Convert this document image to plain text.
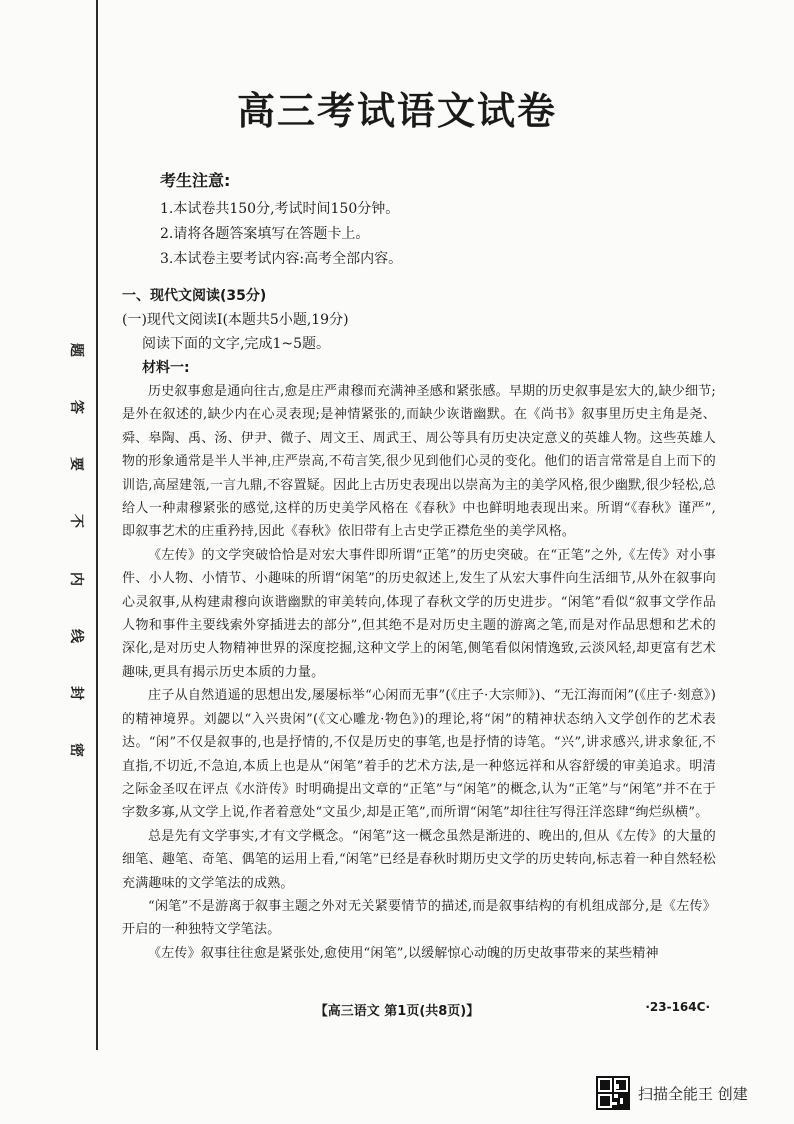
题
答
要
不
内
线
封
密
高三考试语文试卷
考生注意:
1.本试卷共150分,考试时间150分钟。
2.请将各题答案填写在答题卡上。
3.本试卷主要考试内容:高考全部内容。
一、现代文阅读(35分)
(一)现代文阅读Ⅰ(本题共5小题,19分)
阅读下面的文字,完成1~5题。
材料一:

历史叙事愈是通向往古,愈是庄严肃穆而充满神圣感和紧张感。早期的历史叙事是宏大的,缺少细节;是外在叙述的,缺少内在心灵表现;是神情紧张的,而缺少诙谐幽默。在《尚书》叙事里历史主角是尧、舜、皋陶、禹、汤、伊尹、微子、周文王、周武王、周公等具有历史决定意义的英雄人物。这些英雄人物的形象通常是半人半神,庄严崇高,不苟言笑,很少见到他们心灵的变化。他们的语言常常是自上而下的训诰,高屋建瓴,一言九鼎,不容置疑。因此上古历史表现出以崇高为主的美学风格,很少幽默,很少轻松,总给人一种肃穆紧张的感觉,这样的历史美学风格在《春秋》中也鲜明地表现出来。所谓“《春秋》谨严”,即叙事艺术的庄重矜持,因此《春秋》依旧带有上古史学正襟危坐的美学风格。

《左传》的文学突破恰恰是对宏大事件即所谓“正笔”的历史突破。在“正笔”之外,《左传》对小事件、小人物、小情节、小趣味的所谓“闲笔”的历史叙述上,发生了从宏大事件向生活细节,从外在叙事向心灵叙事,从构建肃穆向诙谐幽默的审美转向,体现了春秋文学的历史进步。“闲笔”看似“叙事文学作品人物和事件主要线索外穿插进去的部分”,但其绝不是对历史主题的游离之笔,而是对作品思想和艺术的深化,是对历史人物精神世界的深度挖掘,这种文学上的闲笔,侧笔看似闲情逸致,云淡风轻,却更富有艺术趣味,更具有揭示历史本质的力量。

庄子从自然逍遥的思想出发,屡屡标举“心闲而无事”(《庄子·大宗师》)、“无江海而闲”(《庄子·刻意》)的精神境界。刘勰以“入兴贵闲”(《文心雕龙·物色》)的理论,将“闲”的精神状态纳入文学创作的艺术表达。“闲”不仅是叙事的,也是抒情的,不仅是历史的事笔,也是抒情的诗笔。“兴”,讲求感兴,讲求象征,不直指,不切近,不急迫,本质上也是从“闲笔”着手的艺术方法,是一种悠远祥和从容舒缓的审美追求。明清之际金圣叹在评点《水浒传》时明确提出文章的“正笔”与“闲笔”的概念,认为“正笔”与“闲笔”并不在于字数多寡,从文学上说,作者着意处“文虽少,却是正笔”,而所谓“闲笔”却往往写得汪洋恣肆“绚烂纵横”。

总是先有文学事实,才有文学概念。“闲笔”这一概念虽然是渐进的、晚出的,但从《左传》的大量的细笔、趣笔、奇笔、偶笔的运用上看,“闲笔”已经是春秋时期历史文学的历史转向,标志着一种自然轻松充满趣味的文学笔法的成熟。

“闲笔”不是游离于叙事主题之外对无关紧要情节的描述,而是叙事结构的有机组成部分,是《左传》开启的一种独特文学笔法。

《左传》叙事往往愈是紧张处,愈使用“闲笔”,以缓解惊心动魄的历史故事带来的某些精神

【高三语文 第1页(共8页)】	·23-164C·
扫描全能王 创建
